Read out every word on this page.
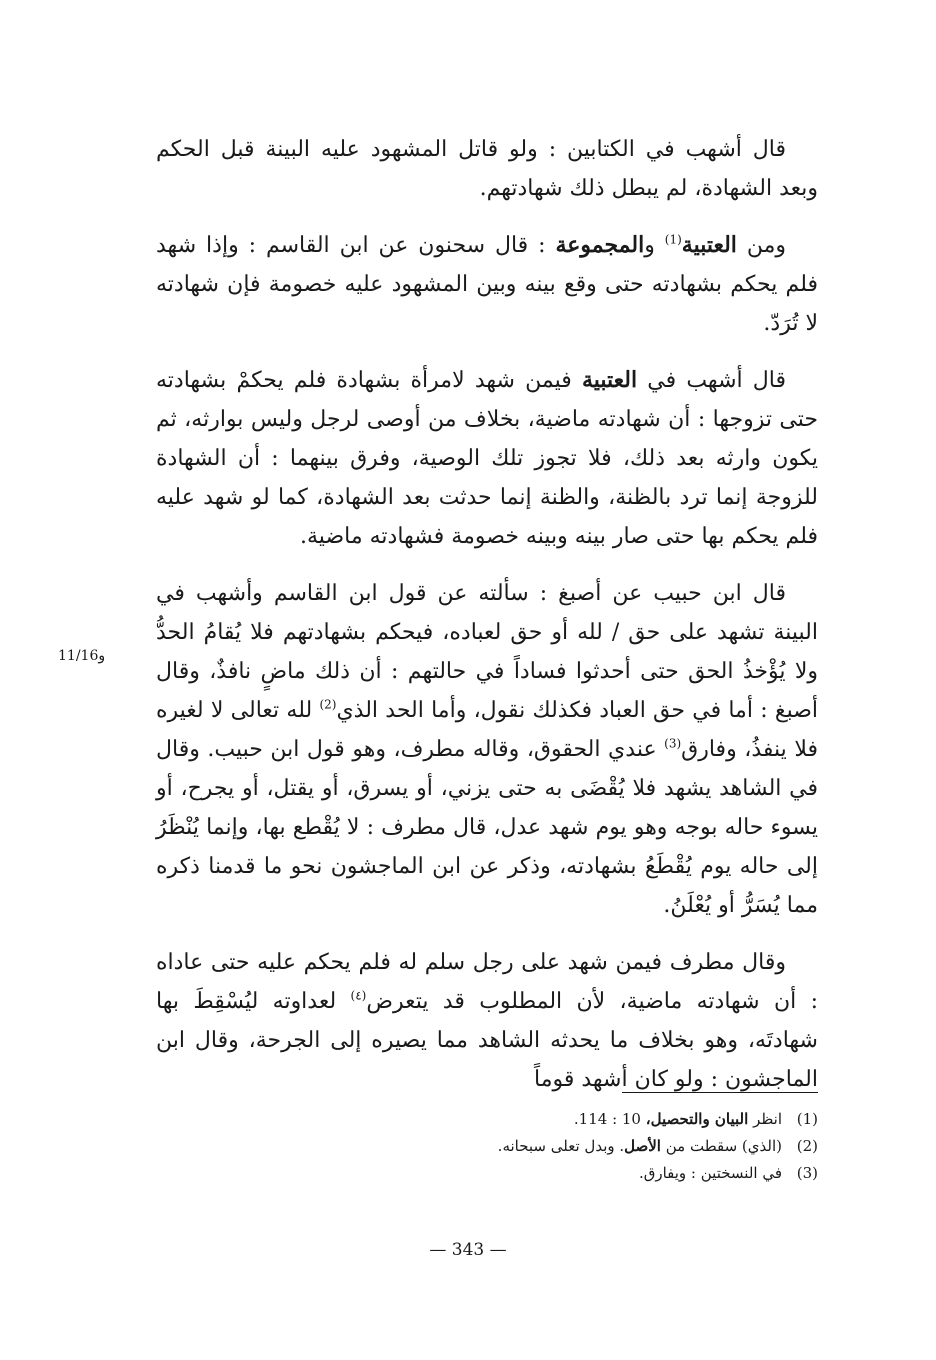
قال أشهب في الكتابين : ولو قاتل المشهود عليه البينة قبل الحكم وبعد الشهادة، لم يبطل ذلك شهادتهم.

ومن العتبية$^{(1)}$ والمجموعة : قال سحنون عن ابن القاسم : وإذا شهد فلم يحكم بشهادته حتى وقع بينه وبين المشهود عليه خصومة فإن شهادته لا تُرَدّ.

قال أشهب في العتبية فيمن شهد لامرأة بشهادة فلم يحكمْ بشهادته حتى تزوجها : أن شهادته ماضية، بخلاف من أوصى لرجل وليس بوارثه، ثم يكون وارثه بعد ذلك، فلا تجوز تلك الوصية، وفرق بينهما : أن الشهادة للزوجة إنما ترد بالظنة، والظنة إنما حدثت بعد الشهادة، كما لو شهد عليه فلم يحكم بها حتى صار بينه وبينه خصومة فشهادته ماضية.

قال ابن حبيب عن أصبغ : سألته عن قول ابن القاسم وأشهب في البينة تشهد على حق / لله أو حق لعباده، فيحكم بشهادتهم فلا يُقامُ الحدُّ ولا يُؤْخذُ الحق حتى أحدثوا فساداً في حالتهم : أن ذلك ماضٍ نافذٌ، وقال أصبغ : أما في حق العباد فكذلك نقول، وأما الحد الذي$^{(2)}$ لله تعالى لا لغيره فلا ينفذُ، وفارق$^{(3)}$ عندي الحقوق، وقاله مطرف، وهو قول ابن حبيب. وقال في الشاهد يشهد فلا يُقْضَى به حتى يزني، أو يسرق، أو يقتل، أو يجرح، أو يسوء حاله بوجه وهو يوم شهد عدل، قال مطرف : لا يُقْطع بها، وإنما يُنْظَرُ إلى حاله يوم يُقْطَعُ بشهادته، وذكر عن ابن الماجشون نحو ما قدمنا ذكره مما يُسَرُّ أو يُعْلَنُ.

وقال مطرف فيمن شهد على رجل سلم له فلم يحكم عليه حتى عاداه : أن شهادته ماضية، لأن المطلوب قد يتعرض$^{(٤)}$ لعداوته ليُسْقِطَ بها شهادتَه، وهو بخلاف ما يحدثه الشاهد مما يصيره إلى الجرحة، وقال ابن الماجشون : ولو كان أشهد قوماً

11/16و
(1)
انظر البيان والتحصيل، 10 : 114.
(2)
(الذي) سقطت من الأصل. وبدل تعلى سبحانه.
(3)
في النسختين : ويفارق.
— 343 —
